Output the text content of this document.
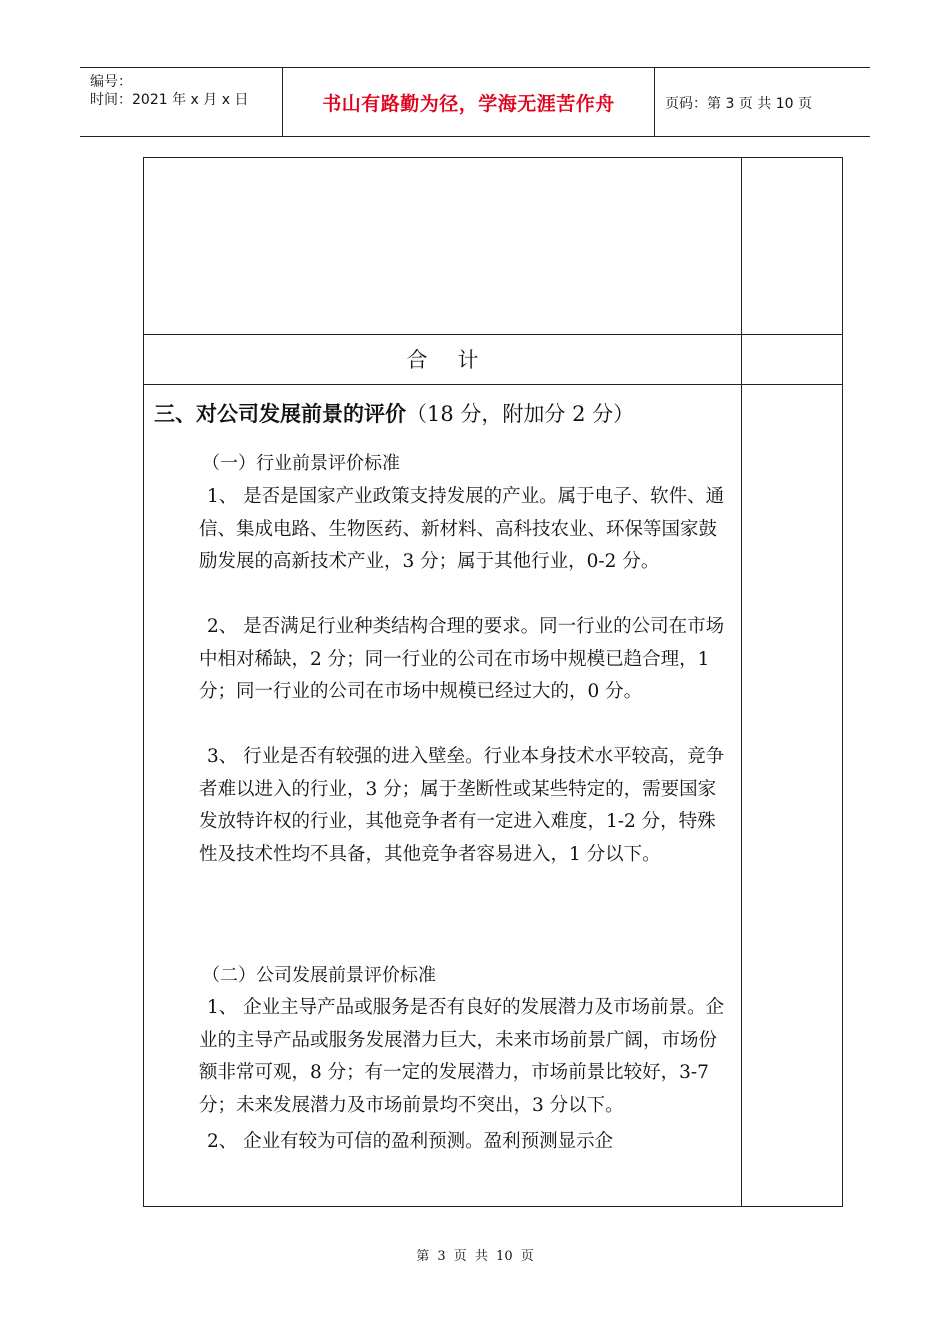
编号：
时间：2021 年 x 月 x 日	书山有路勤为径，学海无涯苦作舟	页码：第 3 页 共 10 页
合计
三、对公司发展前景的评价（18 分，附加分 2 分）
（一）行业前景评价标准
1、 是否是国家产业政策支持发展的产业。属于电子、软件、通信、集成电路、生物医药、新材料、高科技农业、环保等国家鼓励发展的高新技术产业，3 分；属于其他行业，0-2 分。
2、 是否满足行业种类结构合理的要求。同一行业的公司在市场中相对稀缺，2 分；同一行业的公司在市场中规模已趋合理，1 分；同一行业的公司在市场中规模已经过大的，0 分。
3、 行业是否有较强的进入壁垒。行业本身技术水平较高，竞争者难以进入的行业，3 分；属于垄断性或某些特定的，需要国家发放特许权的行业，其他竞争者有一定进入难度，1-2 分，特殊性及技术性均不具备，其他竞争者容易进入，1 分以下。
（二）公司发展前景评价标准
1、 企业主导产品或服务是否有良好的发展潜力及市场前景。企业的主导产品或服务发展潜力巨大，未来市场前景广阔，市场份额非常可观，8 分；有一定的发展潜力，市场前景比较好，3-7 分；未来发展潜力及市场前景均不突出，3 分以下。
2、 企业有较为可信的盈利预测。盈利预测显示企
第 3 页 共 10 页
